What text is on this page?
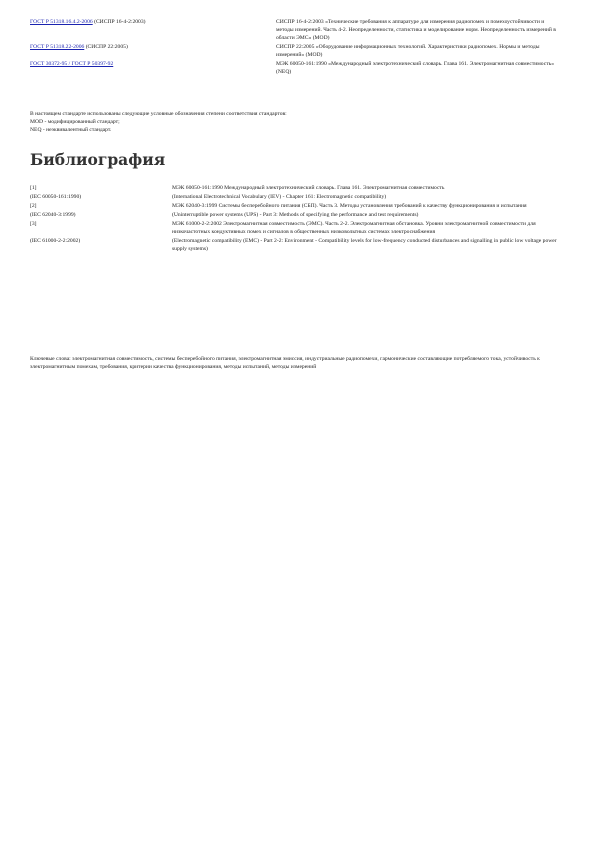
ГОСТ Р 51318.16.4.2-2006 (СИСПР 16-4-2:2003)	СИСПР 16-4-2:2003 «Технические требования к аппаратуре для измерения радиопомех и помехоустойчивости и методы измерений. Часть 4-2. Неопределенности, статистика и моделирование норм. Неопределенность измерений в области ЭМС» (MOD)
ГОСТ Р 51318.22-2006 (СИСПР 22:2005)	СИСПР 22:2005 «Оборудование информационных технологий. Характеристики радиопомех. Нормы и методы измерений» (MOD)
ГОСТ 30372-95 / ГОСТ Р 50397-92	МЭК 60050-161:1990 «Международный электротехнический словарь. Глава 161. Электромагнитная совместимость» (NEQ)
В настоящем стандарте использованы следующие условные обозначения степени соответствия стандартов:
MOD - модифицированный стандарт;
NEQ - неэквивалентный стандарт.
Библиография
[1]	МЭК 60050-161:1990 Международный электротехнический словарь. Глава 161. Электромагнитная совместимость
(IEC 60050-161:1990)	(International Electrotechnical Vocabulary (IEV) - Chapter 161: Electromagnetic compatibility)
[2]	МЭК 62040-3:1999 Системы бесперебойного питания (СБП). Часть 3. Методы установления требований к качеству функционирования и испытания
(IEC 62040-3:1999)	(Uninterruptible power systems (UPS) - Part 3: Methods of specifying the performance and test requirements)
[3]	МЭК 61000-2-2:2002 Электромагнитная совместимость (ЭМС). Часть 2-2. Электромагнитная обстановка. Уровни электромагнитной совместимости для низкочастотных кондуктивных помех и сигналов в общественных низковольтных системах электроснабжения
(IEC 61000-2-2:2002)	(Electromagnetic compatibility (EMC) - Part 2-2: Environment - Compatibility levels for low-frequency conducted disturbances and signalling in public low voltage power supply systems)
Ключевые слова: электромагнитная совместимость, системы бесперебойного питания, электромагнитная эмиссия, индустриальные радиопомехи, гармонические составляющие потребляемого тока, устойчивость к электромагнитным помехам, требования, критерии качества функционирования, методы испытаний, методы измерений
